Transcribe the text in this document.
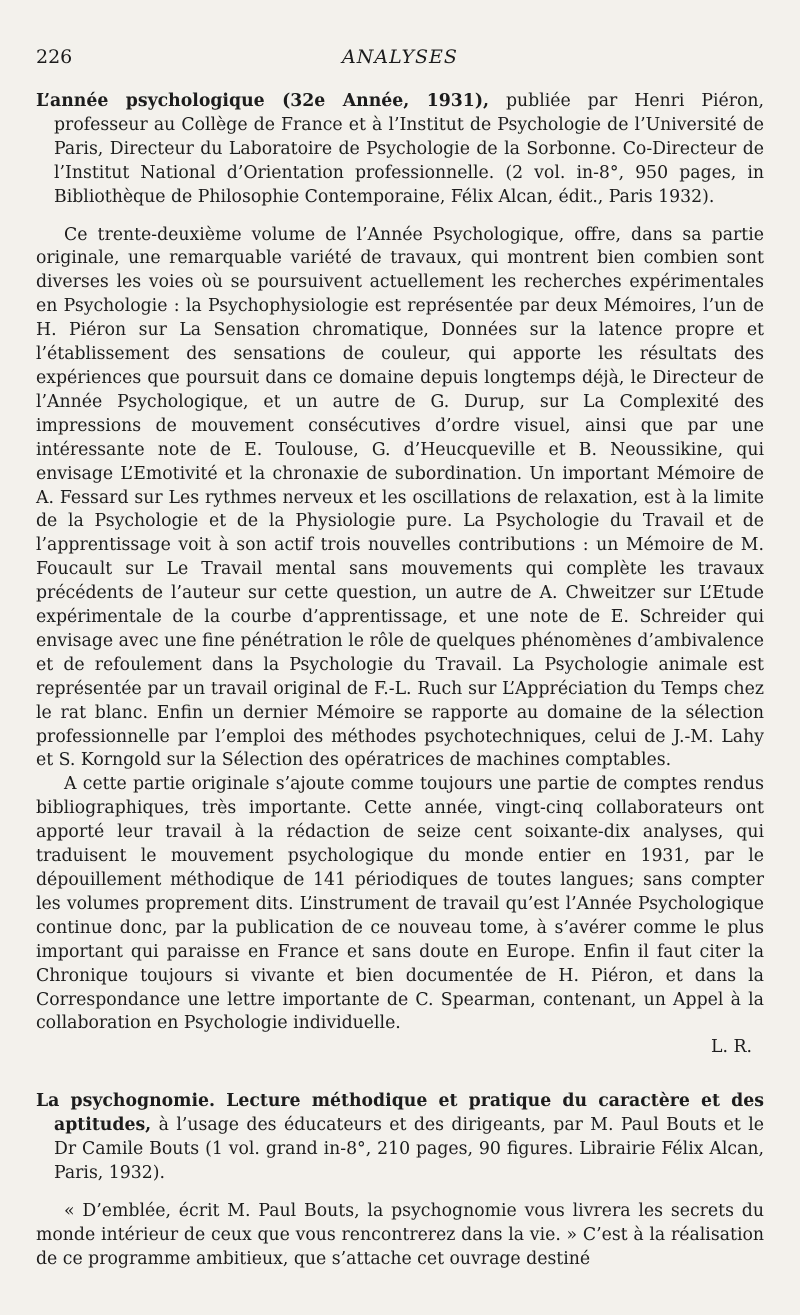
226	ANALYSES

L’année psychologique (32e Année, 1931), publiée par Henri Piéron, professeur au Collège de France et à l’Institut de Psychologie de l’Université de Paris, Directeur du Laboratoire de Psychologie de la Sorbonne. Co-Directeur de l’Institut National d’Orientation professionnelle. (2 vol. in-8°, 950 pages, in Bibliothèque de Philosophie Contemporaine, Félix Alcan, édit., Paris 1932).

Ce trente-deuxième volume de l’Année Psychologique, offre, dans sa partie originale, une remarquable variété de travaux, qui montrent bien combien sont diverses les voies où se poursuivent actuellement les recherches expérimentales en Psychologie : la Psychophysiologie est représentée par deux Mémoires, l’un de H. Piéron sur La Sensation chromatique, Données sur la latence propre et l’établissement des sensations de couleur, qui apporte les résultats des expériences que poursuit dans ce domaine depuis longtemps déjà, le Directeur de l’Année Psychologique, et un autre de G. Durup, sur La Complexité des impressions de mouvement consécutives d’ordre visuel, ainsi que par une intéressante note de E. Toulouse, G. d’Heucqueville et B. Neoussikine, qui envisage L’Emotivité et la chronaxie de subordination. Un important Mémoire de A. Fessard sur Les rythmes nerveux et les oscillations de relaxation, est à la limite de la Psychologie et de la Physiologie pure. La Psychologie du Travail et de l’apprentissage voit à son actif trois nouvelles contributions : un Mémoire de M. Foucault sur Le Travail mental sans mouvements qui complète les travaux précédents de l’auteur sur cette question, un autre de A. Chweitzer sur L’Etude expérimentale de la courbe d’apprentissage, et une note de E. Schreider qui envisage avec une fine pénétration le rôle de quelques phénomènes d’ambivalence et de refoulement dans la Psychologie du Travail. La Psychologie animale est représentée par un travail original de F.-L. Ruch sur L’Appréciation du Temps chez le rat blanc. Enfin un dernier Mémoire se rapporte au domaine de la sélection professionnelle par l’emploi des méthodes psychotechniques, celui de J.-M. Lahy et S. Korngold sur la Sélection des opératrices de machines comptables.

A cette partie originale s’ajoute comme toujours une partie de comptes rendus bibliographiques, très importante. Cette année, vingt-cinq collaborateurs ont apporté leur travail à la rédaction de seize cent soixante-dix analyses, qui traduisent le mouvement psychologique du monde entier en 1931, par le dépouillement méthodique de 141 périodiques de toutes langues; sans compter les volumes proprement dits. L’instrument de travail qu’est l’Année Psychologique continue donc, par la publication de ce nouveau tome, à s’avérer comme le plus important qui paraisse en France et sans doute en Europe. Enfin il faut citer la Chronique toujours si vivante et bien documentée de H. Piéron, et dans la Correspondance une lettre importante de C. Spearman, contenant, un Appel à la collaboration en Psychologie individuelle.

L. R.

La psychognomie. Lecture méthodique et pratique du caractère et des aptitudes, à l’usage des éducateurs et des dirigeants, par M. Paul Bouts et le Dr Camile Bouts (1 vol. grand in-8°, 210 pages, 90 figures. Librairie Félix Alcan, Paris, 1932).

« D’emblée, écrit M. Paul Bouts, la psychognomie vous livrera les secrets du monde intérieur de ceux que vous rencontrerez dans la vie. » C’est à la réalisation de ce programme ambitieux, que s’attache cet ouvrage destiné
